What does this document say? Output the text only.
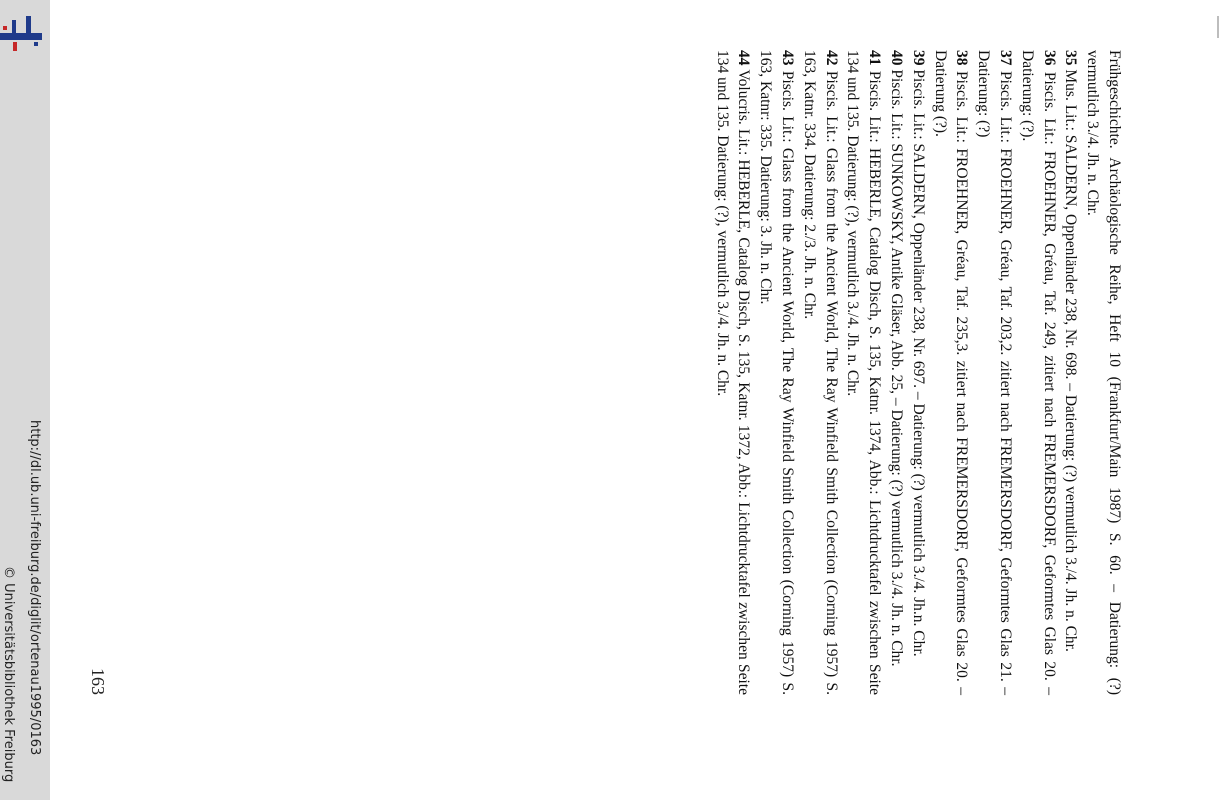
http://dl.ub.uni-freiburg.de/diglit/ortenau1995/0163
© Universitätsbibliothek Freiburg	163	Frühgeschichte. Archäologische Reihe, Heft 10 (Frankfurt/Main 1987) S. 60. – Datierung: (?) vermutlich 3./4. Jh. n. Chr.

35 Mus. Lit.: SALDERN, Oppenländer 238, Nr. 698. – Datierung: (?) vermutlich 3./4. Jh. n. Chr.

36 Piscis. Lit.: FROEHNER, Gréau, Taf. 249, zitiert nach FREMERSDORF, Geformtes Glas 20. – Datierung: (?).

37 Piscis. Lit.: FROEHNER, Gréau, Taf. 203,2. zitiert nach FREMERSDORF, Geformtes Glas 21. – Datierung: (?)

38 Piscis. Lit.: FROEHNER, Gréau, Taf. 235,3. zitiert nach FREMERSDORF, Geformtes Glas 20. – Datierung (?).

39 Piscis. Lit.: SALDERN, Oppenländer 238, Nr. 697. – Datierung: (?) vermutlich 3./4. Jh.n. Chr.

40 Piscis. Lit.: SUNKOWSKY, Antike Gläser, Abb. 25, – Datierung: (?) vermutlich 3./4. Jh. n. Chr.

41 Piscis. Lit.: HEBERLE, Catalog Disch, S. 135, Katnr. 1374, Abb.: Lichtdrucktafel zwischen Seite 134 und 135. Datierung: (?), vermutlich 3./4. Jh. n. Chr.

42 Piscis. Lit.: Glass from the Ancient World, The Ray Winfield Smith Collection (Corning 1957) S. 163, Katnr. 334. Datierung: 2./3. Jh. n. Chr.

43 Piscis. Lit.: Glass from the Ancient World, The Ray Winfield Smith Collection (Corning 1957) S. 163, Katnr: 335. Datierung: 3. Jh. n. Chr.

44 Volucris. Lit.: HEBERLE, Catalog Disch, S. 135, Katnr. 1372, Abb.: Lichtdrucktafel zwischen Seite 134 und 135. Datierung: (?), vermutlich 3./4. Jh. n. Chr.
